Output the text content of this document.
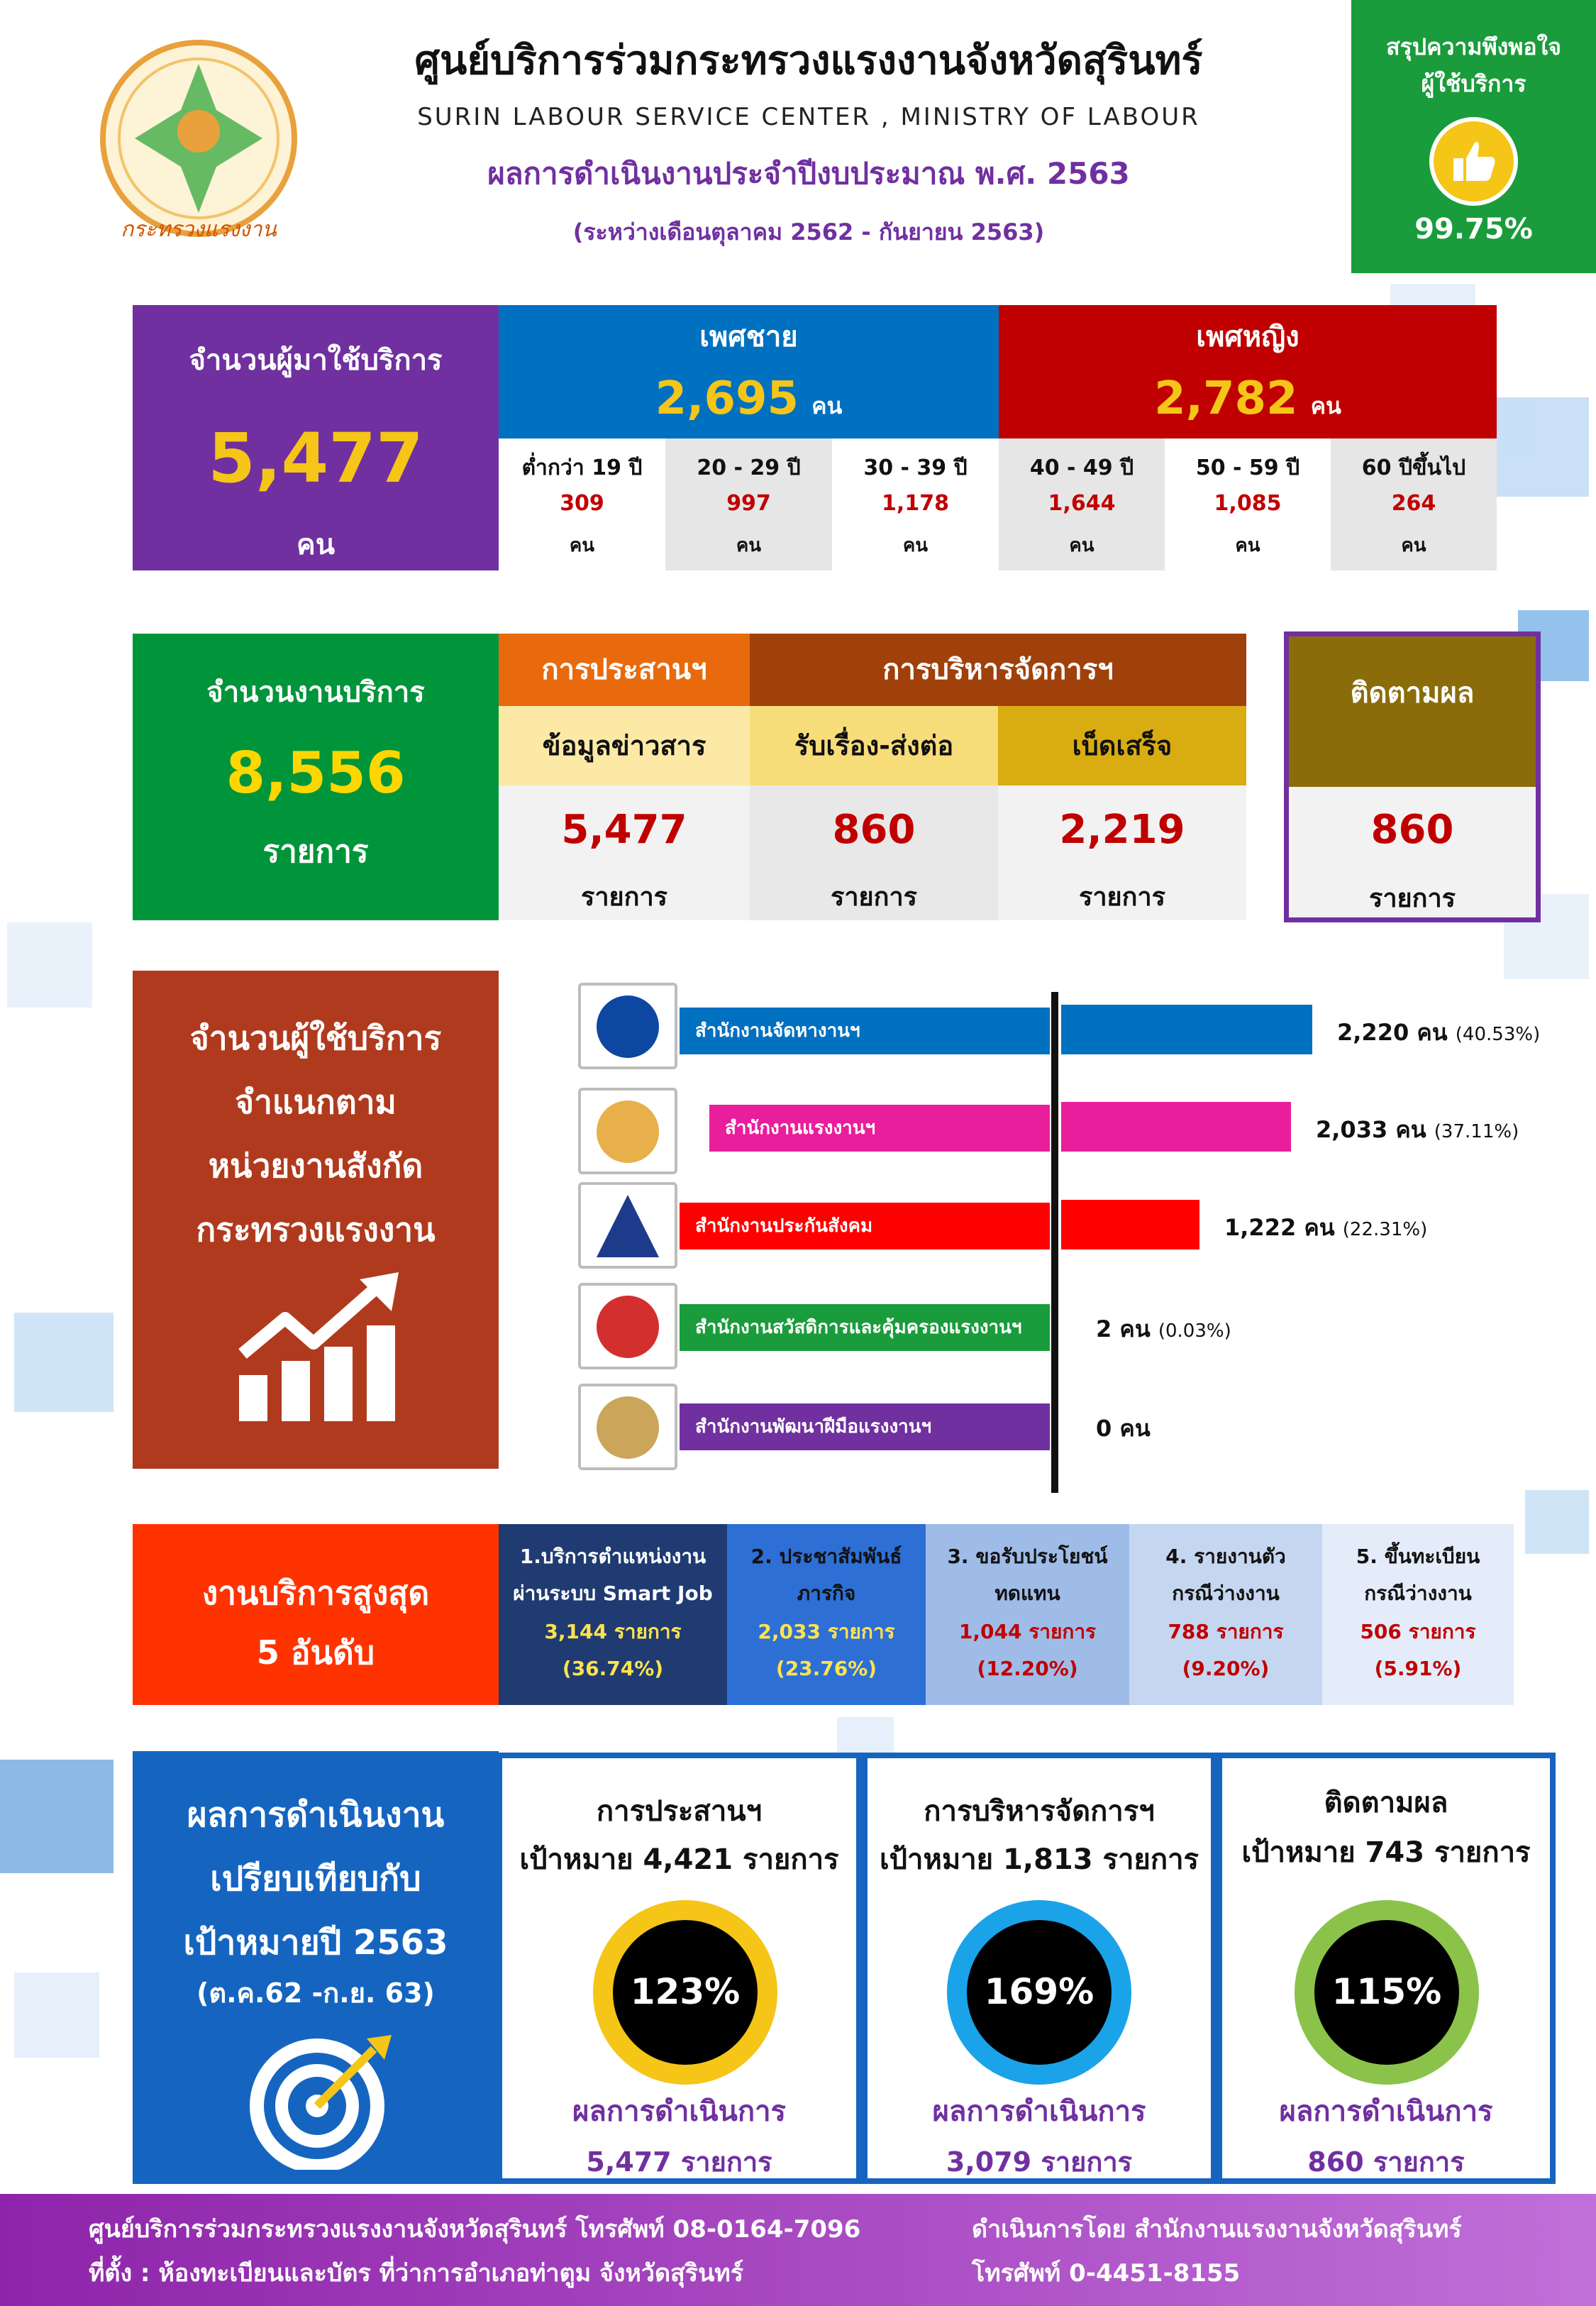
กระทรวงแรงงาน
ศูนย์บริการร่วมกระทรวงแรงงานจังหวัดสุรินทร์
SURIN LABOUR SERVICE CENTER , MINISTRY OF LABOUR
ผลการดำเนินงานประจำปีงบประมาณ พ.ศ. 2563
(ระหว่างเดือนตุลาคม 2562 - กันยายน 2563)
สรุปความพึงพอใจ
ผู้ใช้บริการ
99.75%
จำนวนผู้มาใช้บริการ
5,477
คน
เพศชาย
2,695 คน
เพศหญิง
2,782 คน
ต่ำกว่า 19 ปี
309
คน
20 - 29 ปี
997
คน
30 - 39 ปี
1,178
คน
40 - 49 ปี
1,644
คน
50 - 59 ปี
1,085
คน
60 ปีขึ้นไป
264
คน
จำนวนงานบริการ
8,556
รายการ
การประสานฯ	การบริหารจัดการฯ
ข้อมูลข่าวสาร	รับเรื่อง-ส่งต่อ	เบ็ดเสร็จ
5,477
รายการ
860
รายการ
2,219
รายการ
ติดตามผล
860
รายการ
จำนวนผู้ใช้บริการ
จำแนกตาม
หน่วยงานสังกัด
กระทรวงแรงงาน
สำนักงานจัดหางานฯ	2,220 คน (40.53%)
สำนักงานแรงงานฯ	2,033 คน (37.11%)
สำนักงานประกันสังคม	1,222 คน (22.31%)
สำนักงานสวัสดิการและคุ้มครองแรงงานฯ	2 คน (0.03%)
สำนักงานพัฒนาฝีมือแรงงานฯ	0 คน
งานบริการสูงสุด
5 อันดับ
1.บริการตำแหน่งงาน
ผ่านระบบ Smart Job
3,144 รายการ
(36.74%)
2. ประชาสัมพันธ์
ภารกิจ
2,033 รายการ
(23.76%)
3. ขอรับประโยชน์
ทดแทน
1,044 รายการ
(12.20%)
4. รายงานตัว
กรณีว่างงาน
788 รายการ
(9.20%)
5. ขึ้นทะเบียน
กรณีว่างงาน
506 รายการ
(5.91%)
ผลการดำเนินงาน
เปรียบเทียบกับ
เป้าหมายปี 2563
(ต.ค.62 -ก.ย. 63)
การประสานฯ
เป้าหมาย 4,421 รายการ
123%
ผลการดำเนินการ
5,477 รายการ
การบริหารจัดการฯ
เป้าหมาย 1,813 รายการ
169%
ผลการดำเนินการ
3,079 รายการ
ติดตามผล
เป้าหมาย 743 รายการ
115%
ผลการดำเนินการ
860 รายการ
ศูนย์บริการร่วมกระทรวงแรงงานจังหวัดสุรินทร์ โทรศัพท์ 08-0164-7096
ที่ตั้ง : ห้องทะเบียนและบัตร ที่ว่าการอำเภอท่าตูม จังหวัดสุรินทร์
ดำเนินการโดย สำนักงานแรงงานจังหวัดสุรินทร์
โทรศัพท์ 0-4451-8155
